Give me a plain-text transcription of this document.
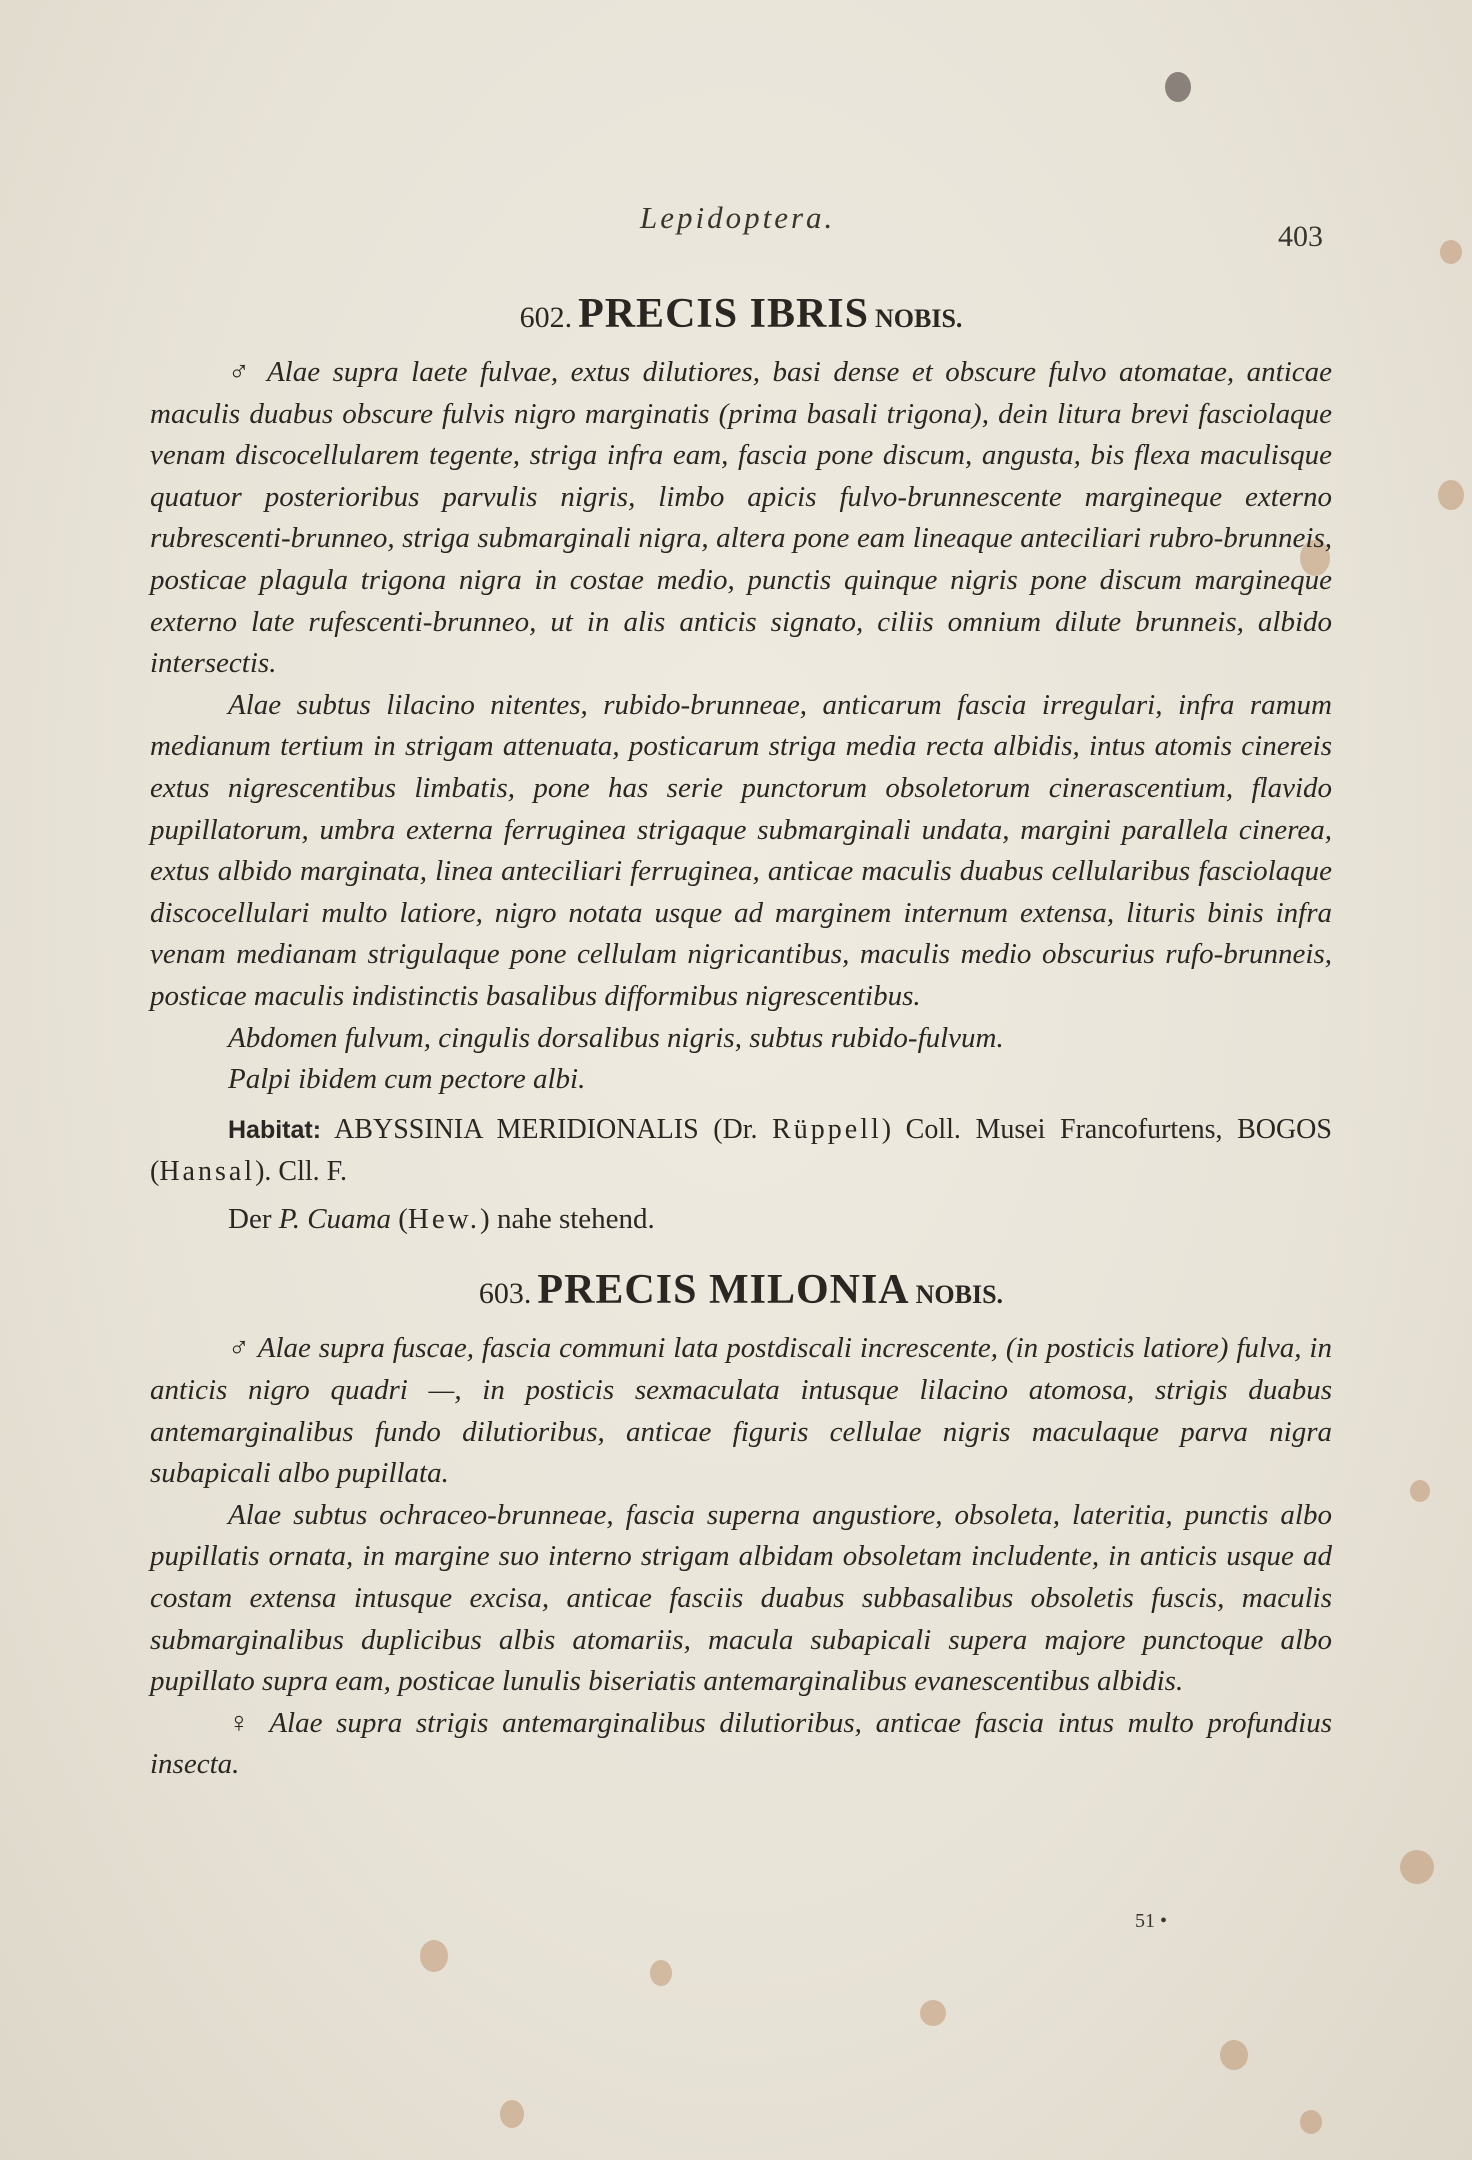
Lepidoptera.
403
602. PRECIS IBRIS NOBIS.

♂ Alae supra laete fulvae, extus dilutiores, basi dense et obscure fulvo atomatae, anticae maculis duabus obscure fulvis nigro marginatis (prima basali trigona), dein litura brevi fasciolaque venam discocellularem tegente, striga infra eam, fascia pone discum, angusta, bis flexa maculisque quatuor posterioribus parvulis nigris, limbo apicis fulvo-brunnescente margineque externo rubrescenti-brunneo, striga submarginali nigra, altera pone eam lineaque anteciliari rubro-brunneis, posticae plagula trigona nigra in costae medio, punctis quinque nigris pone discum margineque externo late rufescenti-brunneo, ut in alis anticis signato, ciliis omnium dilute brunneis, albido intersectis.

Alae subtus lilacino nitentes, rubido-brunneae, anticarum fascia irregulari, infra ramum medianum tertium in strigam attenuata, posticarum striga media recta albidis, intus atomis cinereis extus nigrescentibus limbatis, pone has serie punctorum obsoletorum cinerascentium, flavido pupillatorum, umbra externa ferruginea strigaque submarginali undata, margini parallela cinerea, extus albido marginata, linea anteciliari ferruginea, anticae maculis duabus cellularibus fasciolaque discocellulari multo latiore, nigro notata usque ad marginem internum extensa, lituris binis infra venam medianam strigulaque pone cellulam nigricantibus, maculis medio obscurius rufo-brunneis, posticae maculis indistinctis basalibus difformibus nigrescentibus.

Abdomen fulvum, cingulis dorsalibus nigris, subtus rubido-fulvum.

Palpi ibidem cum pectore albi.

Habitat: ABYSSINIA MERIDIONALIS (Dr. Rüppell) Coll. Musei Francofurtens, BOGOS (Hansal). Cll. F.

Der P. Cuama (Hew.) nahe stehend.

603. PRECIS MILONIA NOBIS.

♂ Alae supra fuscae, fascia communi lata postdiscali increscente, (in posticis latiore) fulva, in anticis nigro quadri —, in posticis sexmaculata intusque lilacino atomosa, strigis duabus antemarginalibus fundo dilutioribus, anticae figuris cellulae nigris maculaque parva nigra subapicali albo pupillata.

Alae subtus ochraceo-brunneae, fascia superna angustiore, obsoleta, lateritia, punctis albo pupillatis ornata, in margine suo interno strigam albidam obsoletam includente, in anticis usque ad costam extensa intusque excisa, anticae fasciis duabus subbasalibus obsoletis fuscis, maculis submarginalibus duplicibus albis atomariis, macula subapicali supera majore punctoque albo pupillato supra eam, posticae lunulis biseriatis antemarginalibus evanescentibus albidis.

♀ Alae supra strigis antemarginalibus dilutioribus, anticae fascia intus multo profundius insecta.

51 •
